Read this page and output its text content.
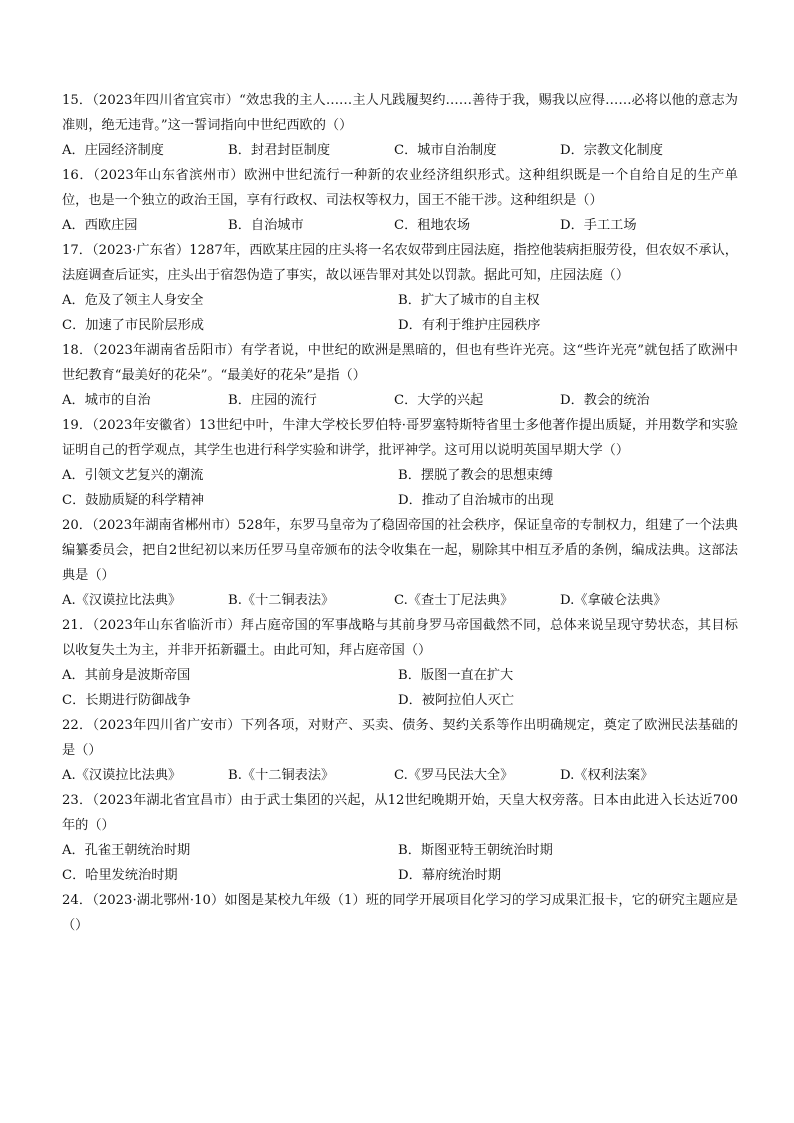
15．（2023年四川省宜宾市）“效忠我的主人……主人凡践履契约……善待于我，赐我以应得……必将以他的意志为准则，绝无违背。”这一誓词指向中世纪西欧的（）

A．庄园经济制度	B．封君封臣制度	C．城市自治制度	D．宗教文化制度

16．（2023年山东省滨州市）欧洲中世纪流行一种新的农业经济组织形式。这种组织既是一个自给自足的生产单位，也是一个独立的政治王国，享有行政权、司法权等权力，国王不能干涉。这种组织是（）

A．西欧庄园	B．自治城市	C．租地农场	D．手工工场

17．（2023·广东省）1287年，西欧某庄园的庄头将一名农奴带到庄园法庭，指控他装病拒服劳役，但农奴不承认，法庭调查后证实，庄头出于宿怨伪造了事实，故以诬告罪对其处以罚款。据此可知，庄园法庭（）

A．危及了领主人身安全	B．扩大了城市的自主权
C．加速了市民阶层形成	D．有利于维护庄园秩序

18．（2023年湖南省岳阳市）有学者说，中世纪的欧洲是黑暗的，但也有些许光亮。这“些许光亮”就包括了欧洲中世纪教育“最美好的花朵”。“最美好的花朵”是指（）

A．城市的自治	B．庄园的流行	C．大学的兴起	D．教会的统治

19．（2023年安徽省）13世纪中叶，牛津大学校长罗伯特·哥罗塞特斯特省里士多他著作提出质疑，并用数学和实验证明自己的哲学观点，其学生也进行科学实验和讲学，批评神学。这可用以说明英国早期大学（）

A．引领文艺复兴的潮流	B．摆脱了教会的思想束缚
C．鼓励质疑的科学精神	D．推动了自治城市的出现

20．（2023年湖南省郴州市）528年，东罗马皇帝为了稳固帝国的社会秩序，保证皇帝的专制权力，组建了一个法典编纂委员会，把自2世纪初以来历任罗马皇帝颁布的法令收集在一起，剔除其中相互矛盾的条例，编成法典。这部法典是（）

A.《汉谟拉比法典》	B.《十二铜表法》	C.《查士丁尼法典》	D.《拿破仑法典》

21．（2023年山东省临沂市）拜占庭帝国的军事战略与其前身罗马帝国截然不同，总体来说呈现守势状态，其目标以收复失土为主，并非开拓新疆土。由此可知，拜占庭帝国（）

A．其前身是波斯帝国	B．版图一直在扩大
C．长期进行防御战争	D．被阿拉伯人灭亡

22．（2023年四川省广安市）下列各项，对财产、买卖、债务、契约关系等作出明确规定，奠定了欧洲民法基础的是（）

A.《汉谟拉比法典》	B.《十二铜表法》	C.《罗马民法大全》	D.《权利法案》

23．（2023年湖北省宜昌市）由于武士集团的兴起，从12世纪晚期开始，天皇大权旁落。日本由此进入长达近700年的（）

A．孔雀王朝统治时期	B．斯图亚特王朝统治时期
C．哈里发统治时期	D．幕府统治时期

24．（2023·湖北鄂州·10）如图是某校九年级（1）班的同学开展项目化学习的学习成果汇报卡，它的研究主题应是（）
